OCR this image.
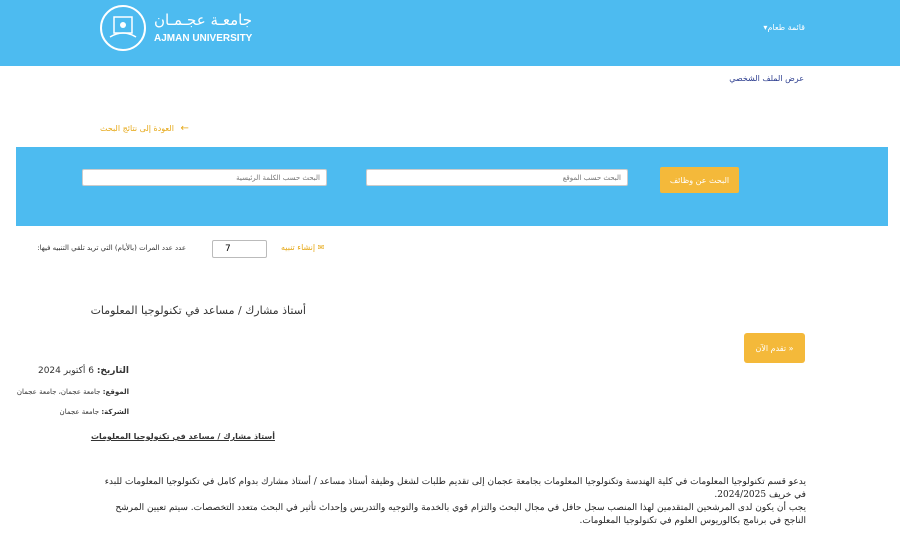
جامعـة عجـمـان
AJMAN UNIVERSITY
قائمة طعام▾
عرض الملف الشخصي
← العودة إلى نتائج البحث
البحث حسب الكلمة الرئيسية
البحث حسب الموقع
البحث عن وظائف
عدد عدد المرات (بالأيام) التي تريد تلقي التنبيه فيها:
7	إنشاء تنبيه ✉
أستاذ مشارك / مساعد في تكنولوجيا المعلومات
تقدم الآن »
التاريخ: 6 أكتوبر 2024
الموقع: جامعة عجمان، جامعة عجمان
الشركة: جامعة عجمان
أستاذ مشارك / مساعد في تكنولوجيا المعلومات

يدعو قسم تكنولوجيا المعلومات في كلية الهندسة وتكنولوجيا المعلومات بجامعة عجمان إلى تقديم طلبات لشغل وظيفة أستاذ مساعد / أستاذ مشارك بدوام كامل في تكنولوجيا المعلومات للبدء في خريف 2024/2025.

يجب أن يكون لدى المرشحين المتقدمين لهذا المنصب سجل حافل في مجال البحث والتزام قوي بالخدمة والتوجيه والتدريس وإحداث تأثير في البحث متعدد التخصصات. سيتم تعيين المرشح الناجح في برنامج بكالوريوس العلوم في تكنولوجيا المعلومات.
